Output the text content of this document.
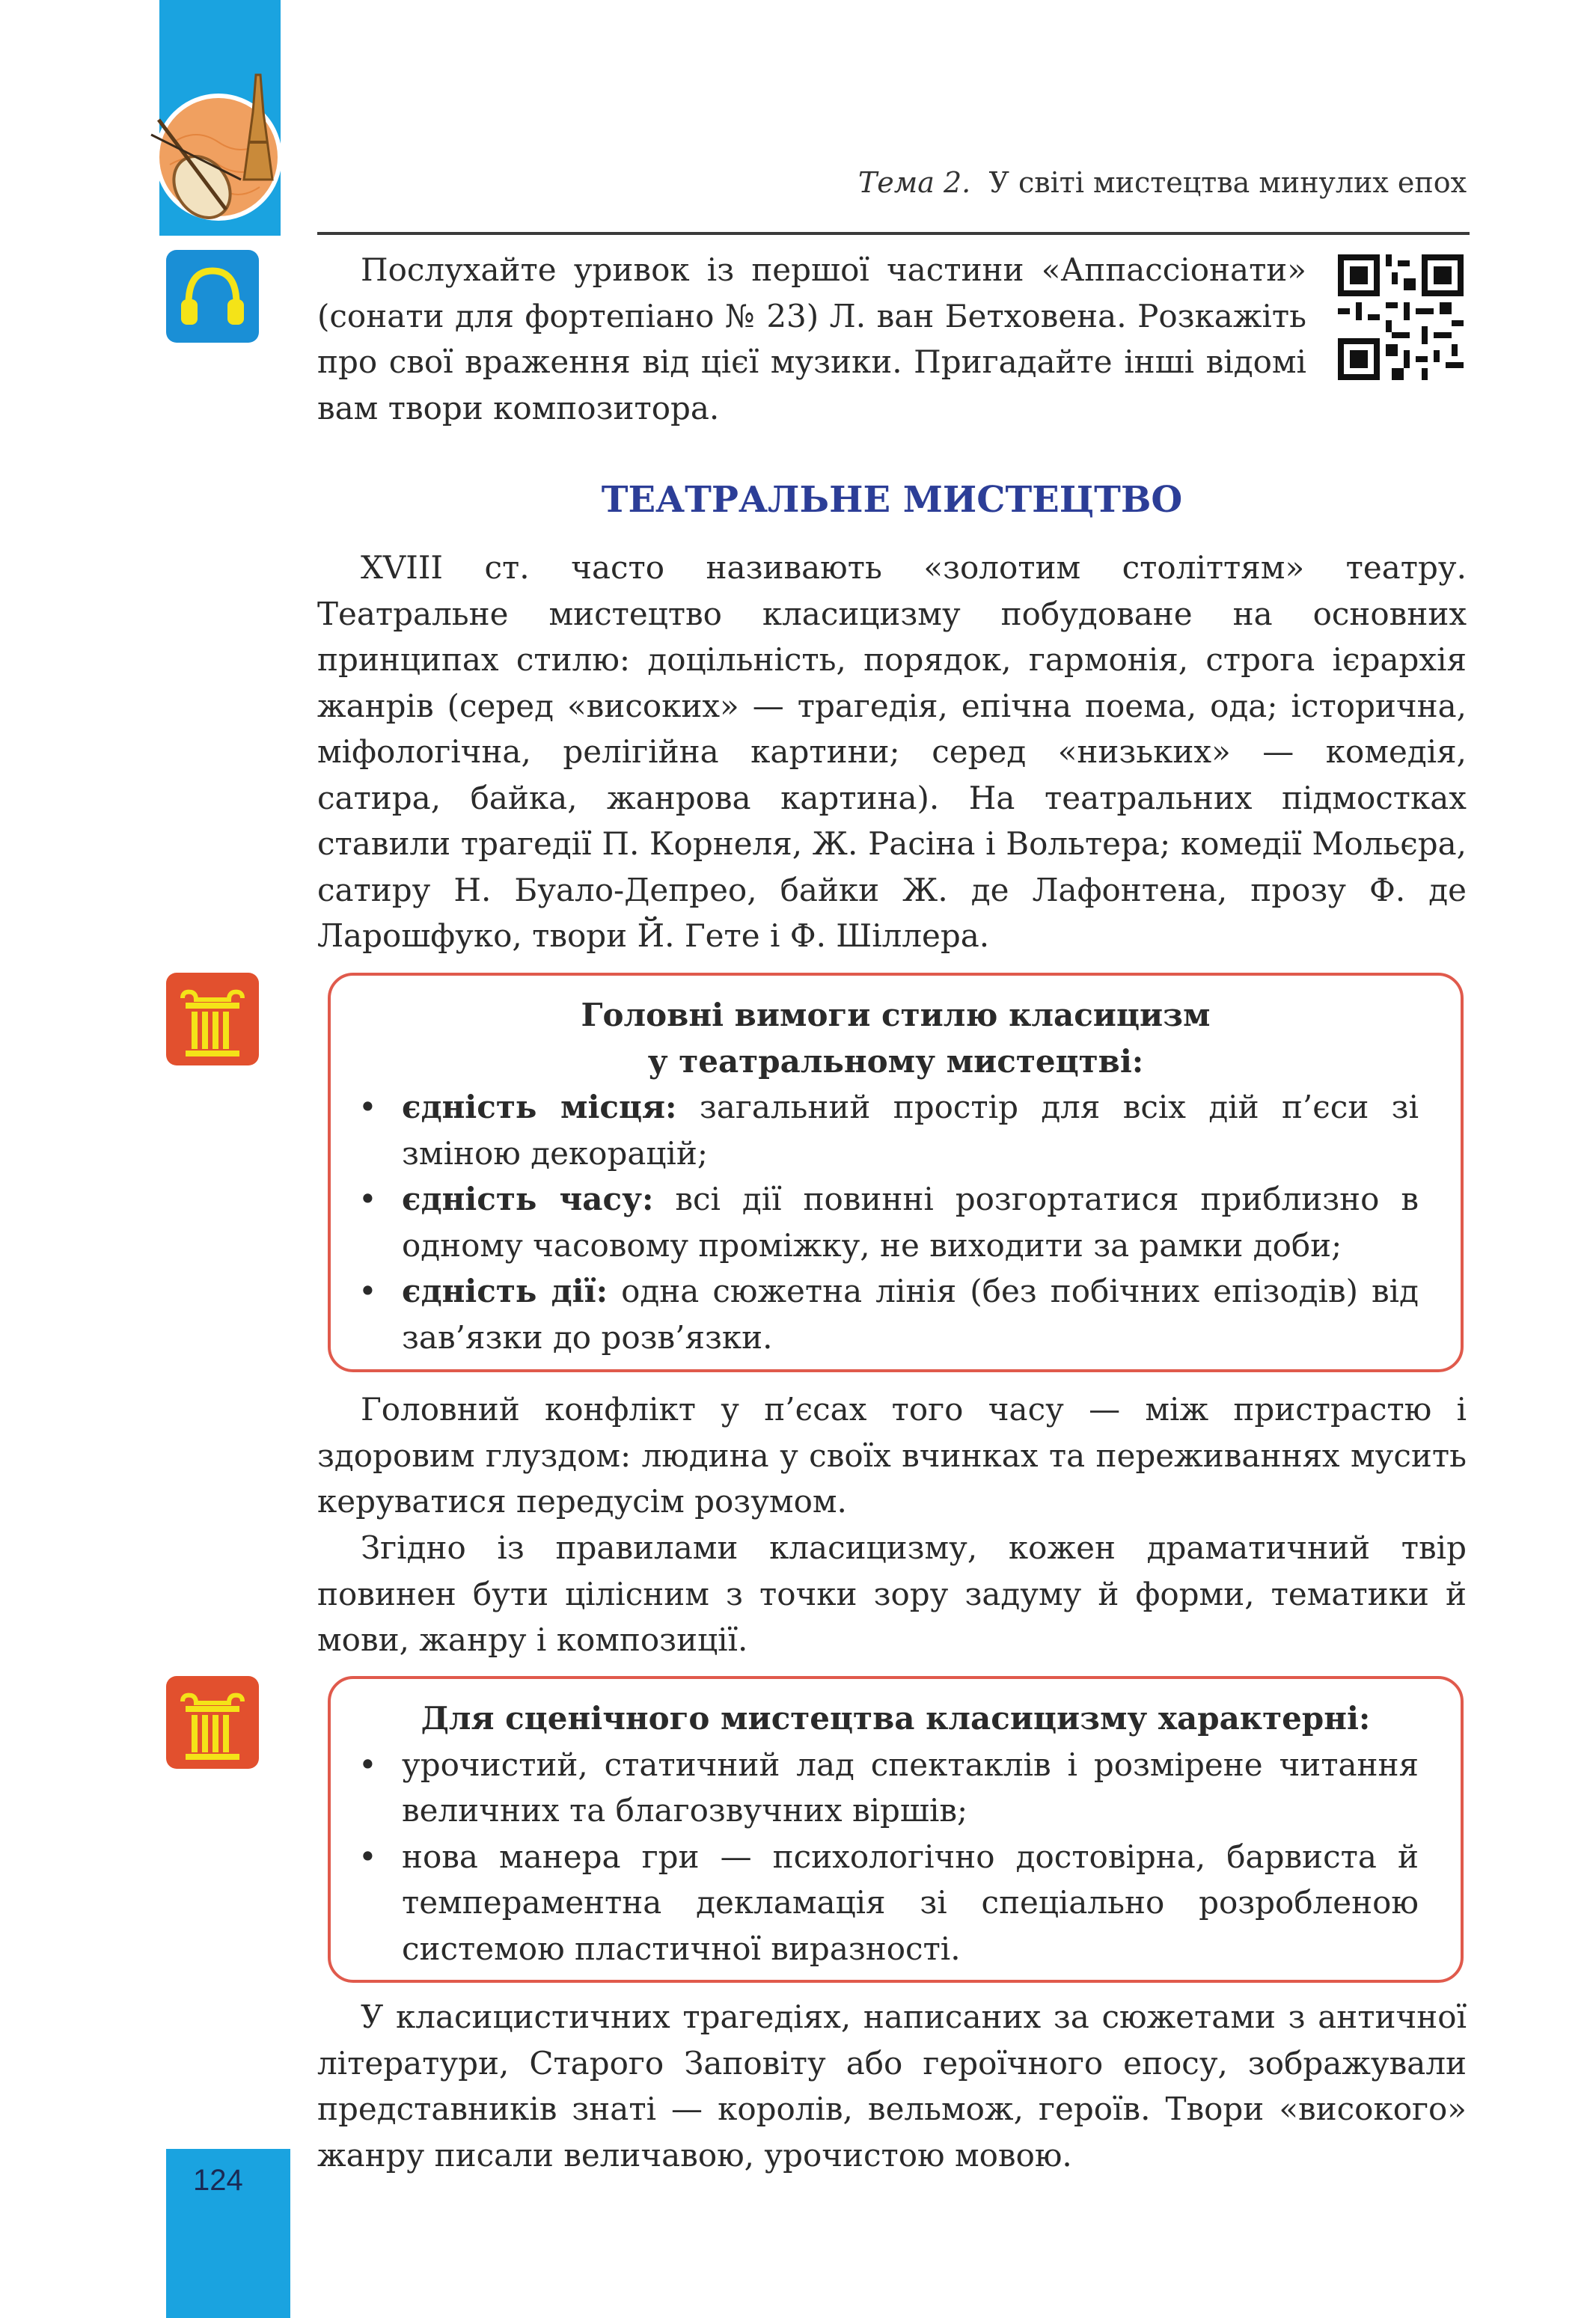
Тема 2. У світі мистецтва минулих епох

Послухайте уривок із першої частини «Аппассіонати» (сонати для фортепіано № 23) Л. ван Бетховена. Розкажіть про свої враження від цієї музики. Пригадайте інші відомі вам твори композитора.

ТЕАТРАЛЬНЕ МИСТЕЦТВО

XVIII ст. часто називають «золотим століттям» театру. Театральне мистецтво класицизму побудоване на основних принципах стилю: доцільність, порядок, гармонія, строга ієрархія жанрів (серед «високих» — трагедія, епічна поема, ода; історична, міфологічна, релігійна картини; серед «низьких» — комедія, сатира, байка, жанрова картина). На театральних підмостках ставили трагедії П. Корнеля, Ж. Расіна і Вольтера; комедії Мольєра, сатиру Н. Буало-Депрео, байки Ж. де Лафонтена, прозу Ф. де Ларошфуко, твори Й. Гете і Ф. Шіллера.

Головні вимоги стилю класицизм

у театральному мистецтві:

• єдність місця: загальний простір для всіх дій п’єси зі зміною декорацій;
• єдність часу: всі дії повинні розгортатися приблизно в одному часовому проміжку, не виходити за рамки доби;
• єдність дії: одна сюжетна лінія (без побічних епізодів) від зав’язки до розв’язки.

Головний конфлікт у п’єсах того часу — між пристрастю і здоровим глуздом: людина у своїх вчинках та переживаннях мусить керуватися передусім розумом.

Згідно із правилами класицизму, кожен драматичний твір повинен бути цілісним з точки зору задуму й форми, тематики й мови, жанру і композиції.

Для сценічного мистецтва класицизму характерні:

• урочистий, статичний лад спектаклів і розмірене читання величних та благозвучних віршів;
• нова манера гри — психологічно достовірна, барвиста й темпераментна декламація зі спеціально розробленою системою пластичної виразності.

У класицистичних трагедіях, написаних за сюжетами з античної літератури, Старого Заповіту або героїчного епосу, зображували представників знаті — королів, вельмож, героїв. Твори «високого» жанру писали величавою, урочистою мовою.

124
